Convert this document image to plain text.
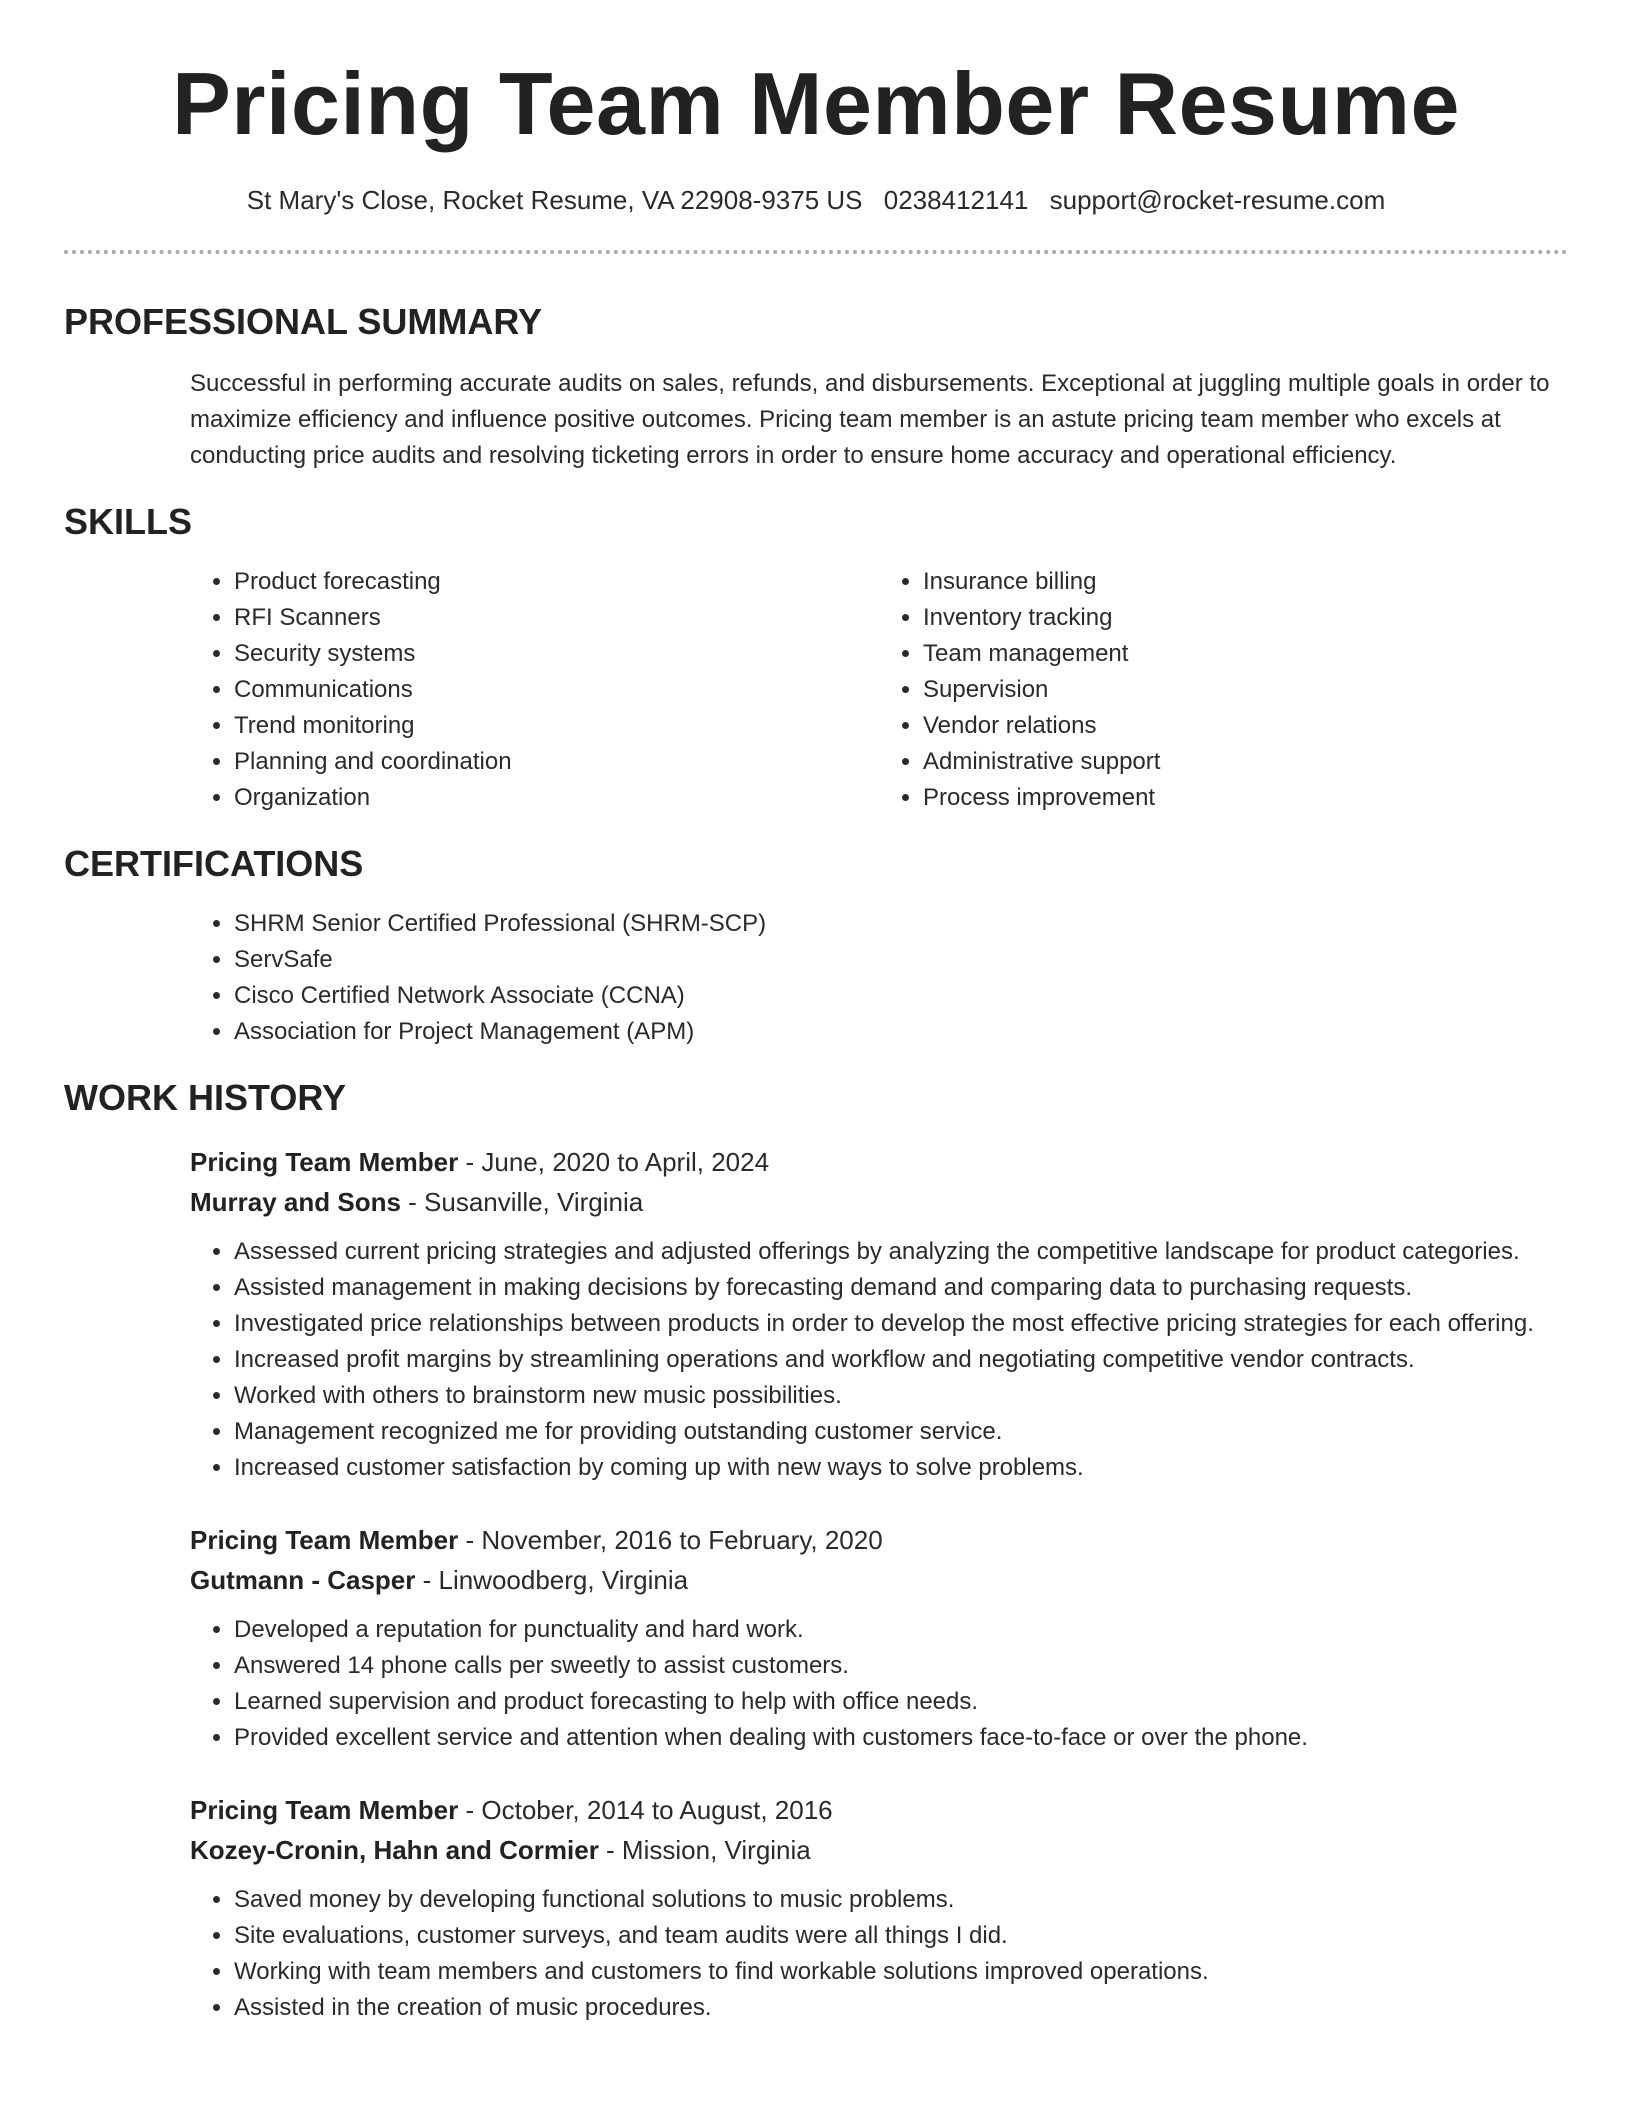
Pricing Team Member Resume
St Mary's Close, Rocket Resume, VA 22908-9375 US 0238412141 support@rocket-resume.com
PROFESSIONAL SUMMARY

Successful in performing accurate audits on sales, refunds, and disbursements. Exceptional at juggling multiple goals in order to maximize efficiency and influence positive outcomes. Pricing team member is an astute pricing team member who excels at conducting price audits and resolving ticketing errors in order to ensure home accuracy and operational efficiency.

SKILLS
• Product forecasting
• RFI Scanners
• Security systems
• Communications
• Trend monitoring
• Planning and coordination
• Organization
• Insurance billing
• Inventory tracking
• Team management
• Supervision
• Vendor relations
• Administrative support
• Process improvement
CERTIFICATIONS
• SHRM Senior Certified Professional (SHRM-SCP)
• ServSafe
• Cisco Certified Network Associate (CCNA)
• Association for Project Management (APM)
WORK HISTORY
Pricing Team Member - June, 2020 to April, 2024
Murray and Sons - Susanville, Virginia
• Assessed current pricing strategies and adjusted offerings by analyzing the competitive landscape for product categories.
• Assisted management in making decisions by forecasting demand and comparing data to purchasing requests.
• Investigated price relationships between products in order to develop the most effective pricing strategies for each offering.
• Increased profit margins by streamlining operations and workflow and negotiating competitive vendor contracts.
• Worked with others to brainstorm new music possibilities.
• Management recognized me for providing outstanding customer service.
• Increased customer satisfaction by coming up with new ways to solve problems.
Pricing Team Member - November, 2016 to February, 2020
Gutmann - Casper - Linwoodberg, Virginia
• Developed a reputation for punctuality and hard work.
• Answered 14 phone calls per sweetly to assist customers.
• Learned supervision and product forecasting to help with office needs.
• Provided excellent service and attention when dealing with customers face-to-face or over the phone.
Pricing Team Member - October, 2014 to August, 2016
Kozey-Cronin, Hahn and Cormier - Mission, Virginia
• Saved money by developing functional solutions to music problems.
• Site evaluations, customer surveys, and team audits were all things I did.
• Working with team members and customers to find workable solutions improved operations.
• Assisted in the creation of music procedures.
